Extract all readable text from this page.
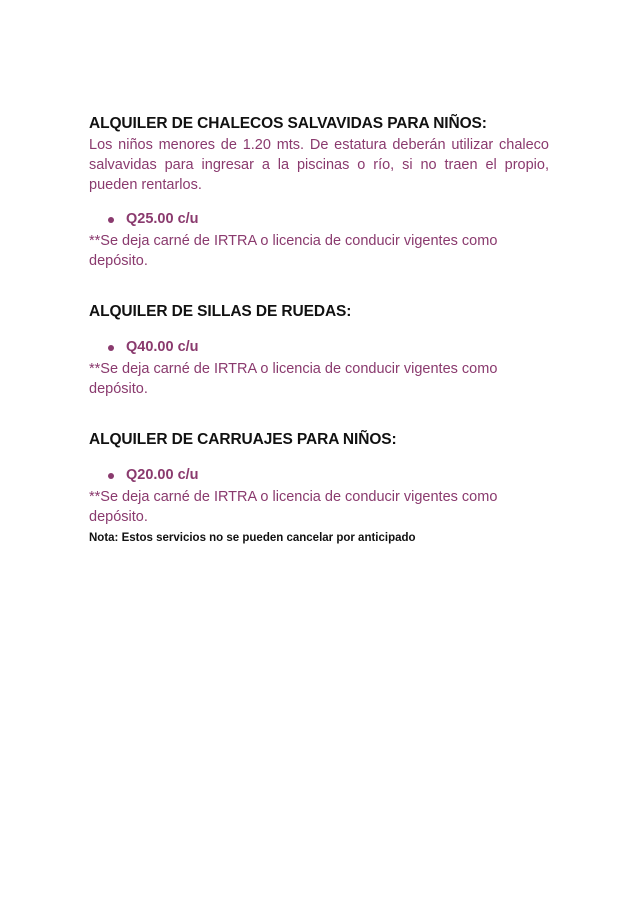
ALQUILER DE CHALECOS SALVAVIDAS PARA NIÑOS:

Los niños menores de 1.20 mts. De estatura deberán utilizar chaleco salvavidas para ingresar a la piscinas o río, si no traen el propio, pueden rentarlos.

Q25.00 c/u

**Se deja carné de IRTRA o licencia de conducir vigentes como depósito.

ALQUILER DE SILLAS DE RUEDAS:
Q40.00 c/u

**Se deja carné de IRTRA o licencia de conducir vigentes como depósito.

ALQUILER DE CARRUAJES PARA NIÑOS:
Q20.00 c/u

**Se deja carné de IRTRA o licencia de conducir vigentes como depósito.

Nota: Estos servicios no se pueden cancelar por anticipado
